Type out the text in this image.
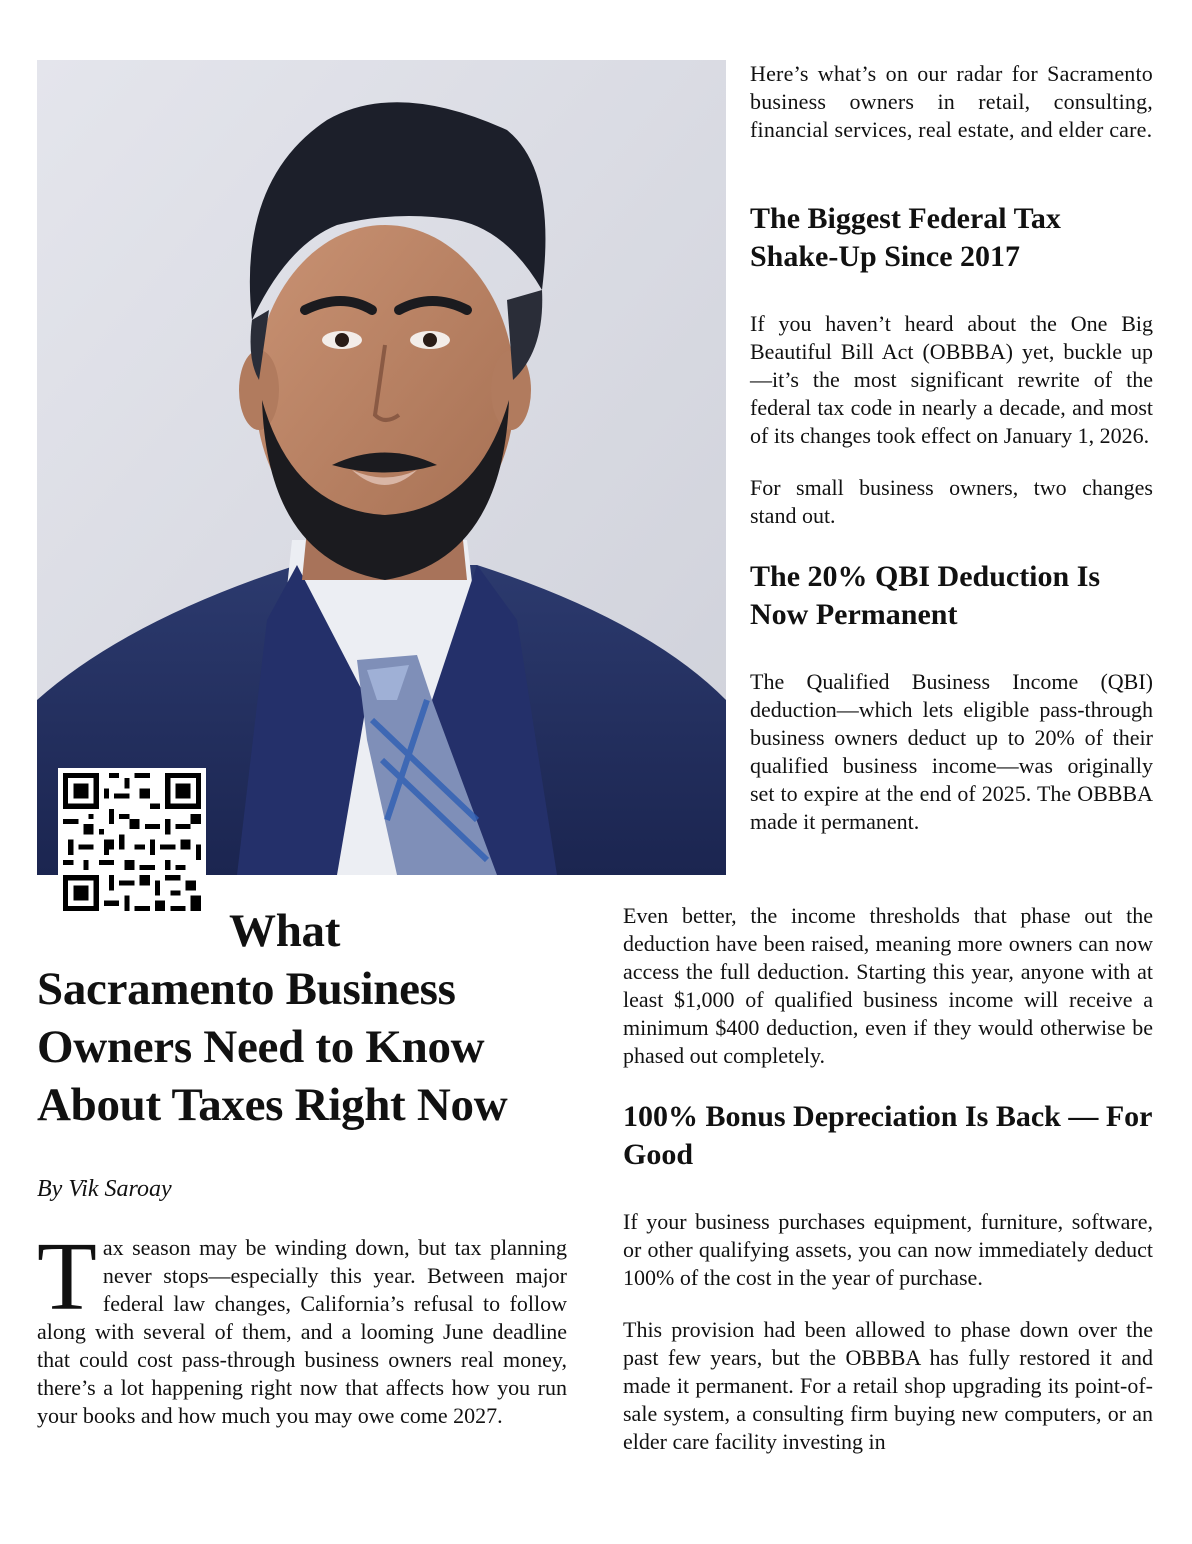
Here’s what’s on our radar for Sacramento business owners in retail, consulting, financial services, real estate, and elder care.

The Biggest Federal Tax Shake-Up Since 2017

If you haven’t heard about the One Big Beautiful Bill Act (OBBBA) yet, buckle up—it’s the most significant rewrite of the federal tax code in nearly a decade, and most of its changes took effect on January 1, 2026.

For small business owners, two changes stand out.

The 20% QBI Deduction Is Now Permanent

The Qualified Business Income (QBI) deduction—which lets eligible pass-through business owners deduct up to 20% of their qualified business income—was originally set to expire at the end of 2025. The OBBBA made it permanent.

What
Sacramento Business Owners Need to Know About Taxes Right Now
By Vik Saroay

Tax season may be winding down, but tax planning never stops—especially this year. Between major federal law changes, California’s refusal to follow along with several of them, and a looming June deadline that could cost pass-through business owners real money, there’s a lot happening right now that affects how you run your books and how much you may owe come 2027.

Even better, the income thresholds that phase out the deduction have been raised, meaning more owners can now access the full deduction. Starting this year, anyone with at least $1,000 of qualified business income will receive a minimum $400 deduction, even if they would otherwise be phased out completely.

100% Bonus Depreciation Is Back — For Good

If your business purchases equipment, furniture, software, or other qualifying assets, you can now immediately deduct 100% of the cost in the year of purchase.

This provision had been allowed to phase down over the past few years, but the OBBBA has fully restored it and made it permanent. For a retail shop upgrading its point-of-sale system, a consulting firm buying new computers, or an elder care facility investing in
